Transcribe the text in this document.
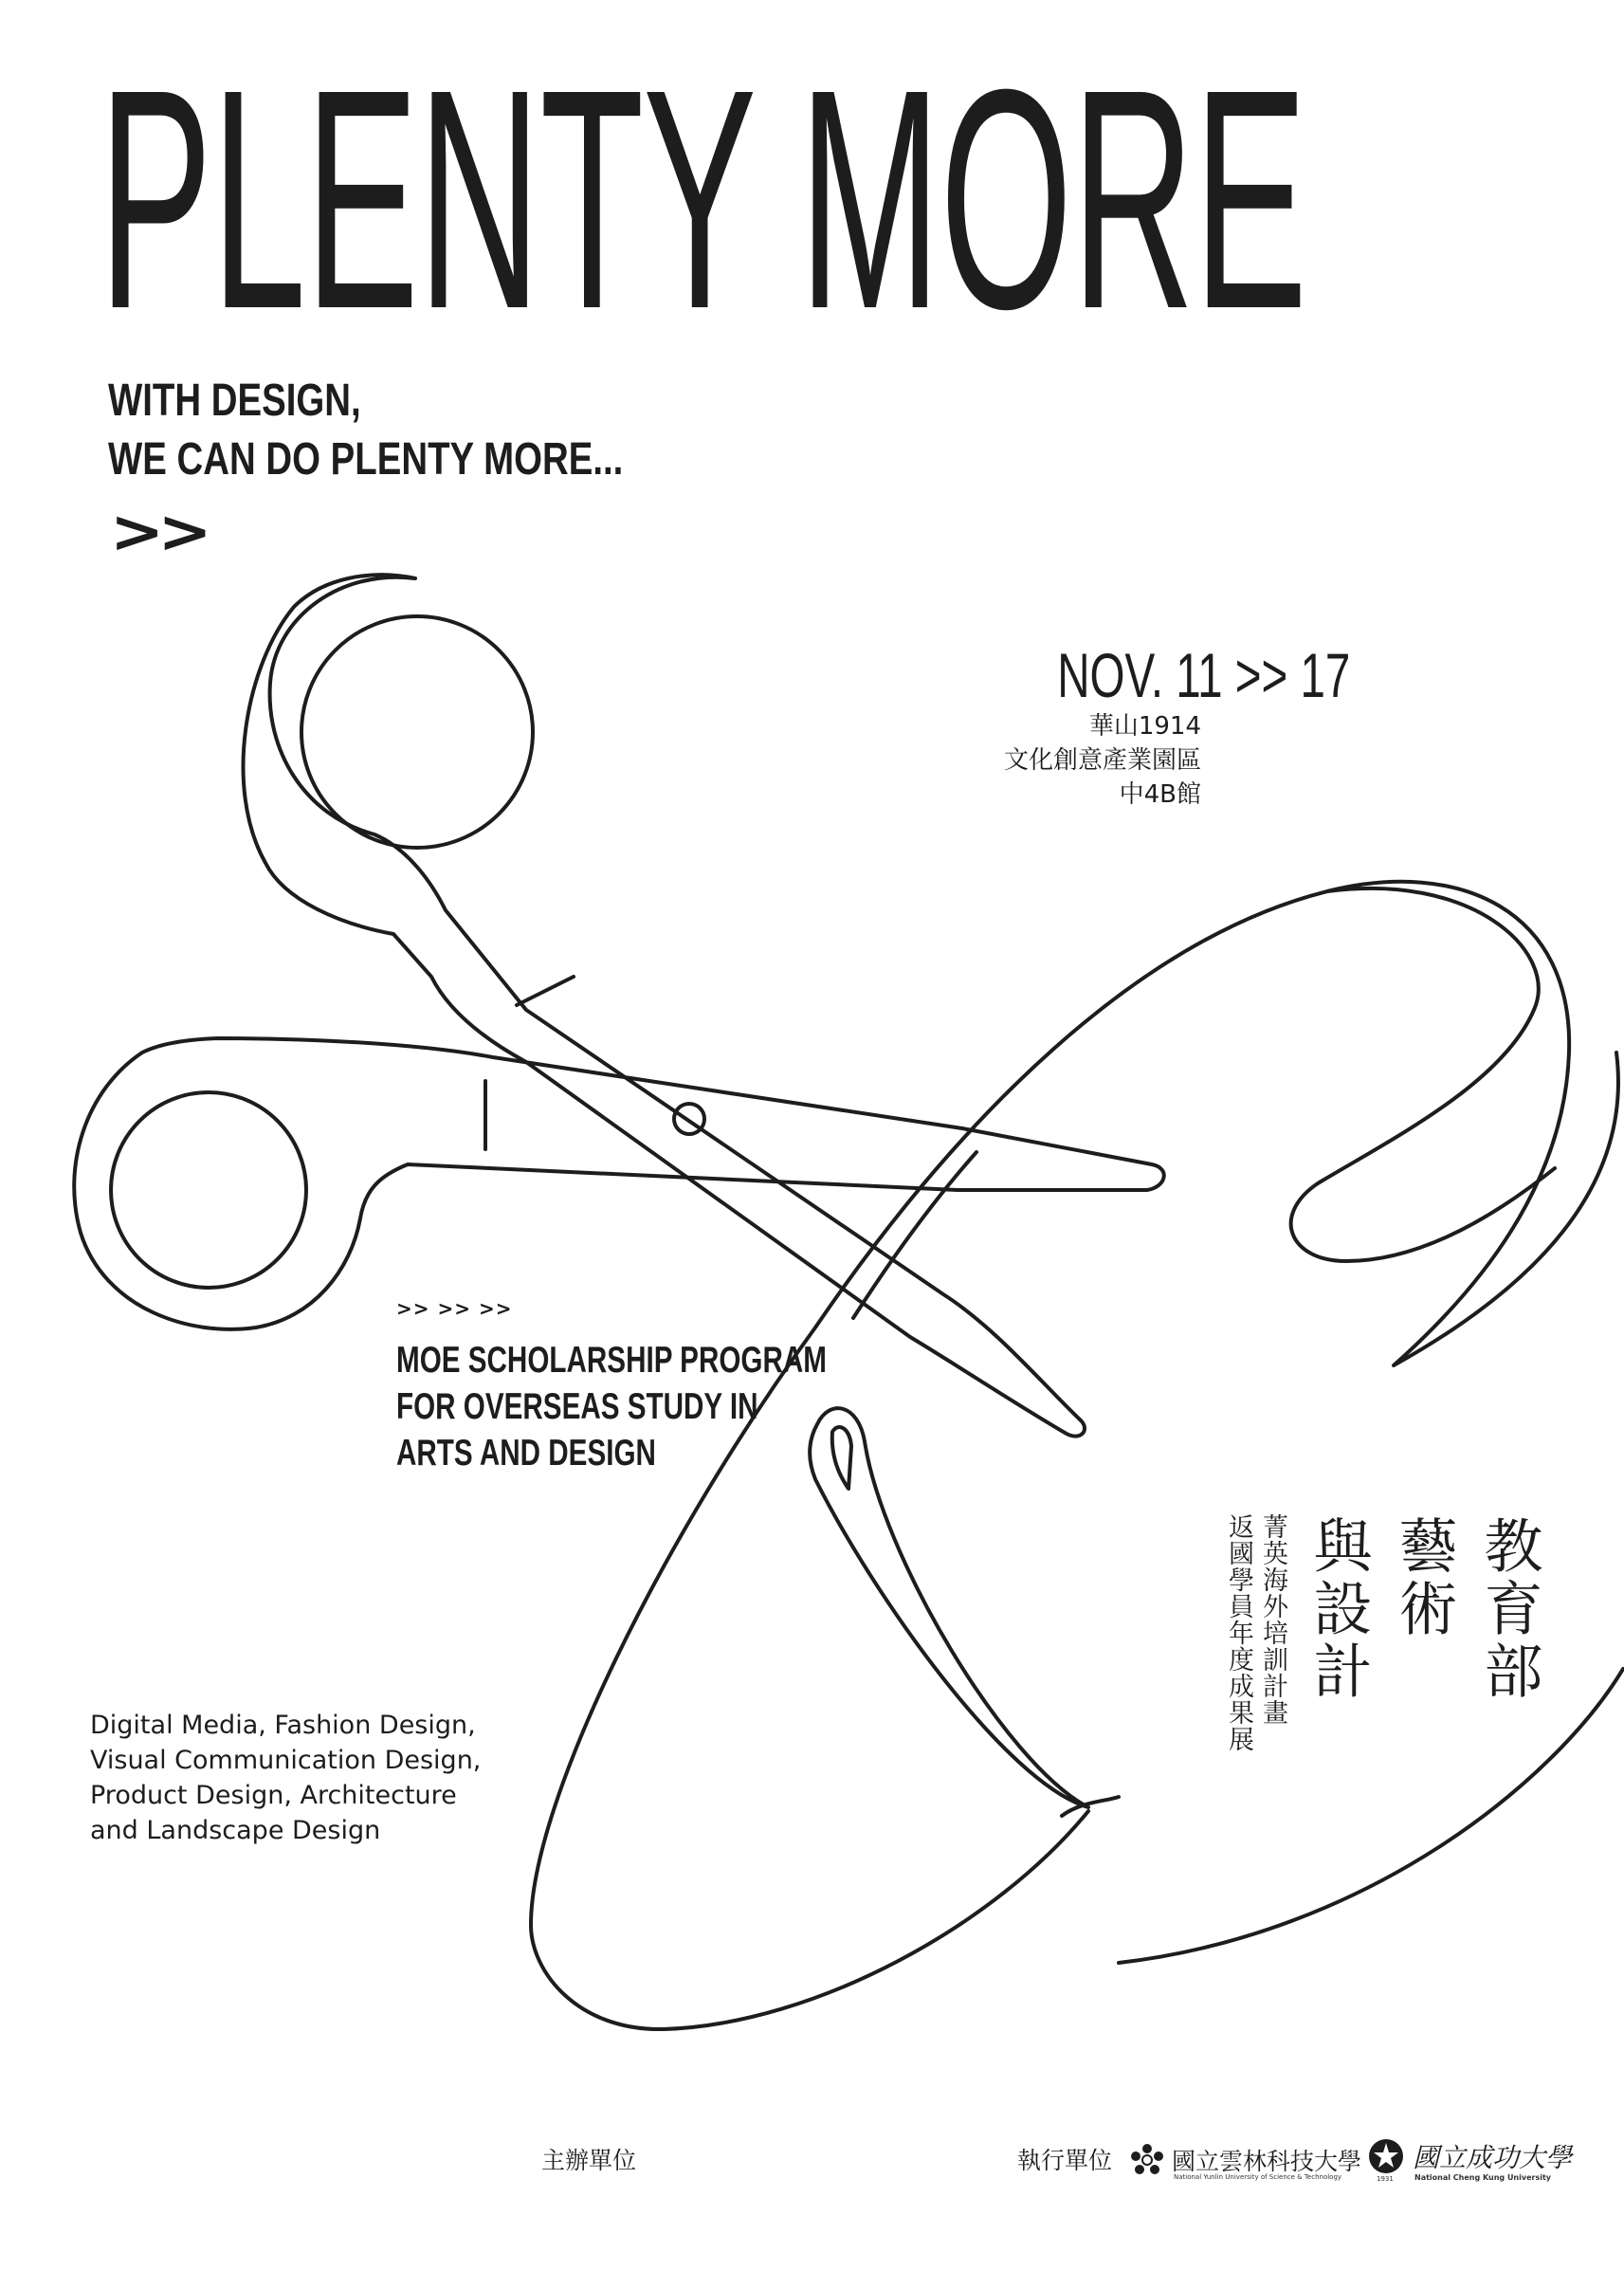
PLENTY MORE
WITH DESIGN,
WE CAN DO PLENTY MORE...
>>
NOV. 11 >> 17
華山1914
文化創意產業園區
中4B館
>> >> >>
MOE SCHOLARSHIP PROGRAM
FOR OVERSEAS STUDY IN
ARTS AND DESIGN
Digital Media, Fashion Design,
Visual Communication Design,
Product Design, Architecture
and Landscape Design
教育部
藝術
與設計
菁英海外培訓計畫
返國學員年度成果展
主辦單位	執行單位	國立雲林科技大學
National Yunlin University of Science & Technology	1931
國立成功大學
National Cheng Kung University
